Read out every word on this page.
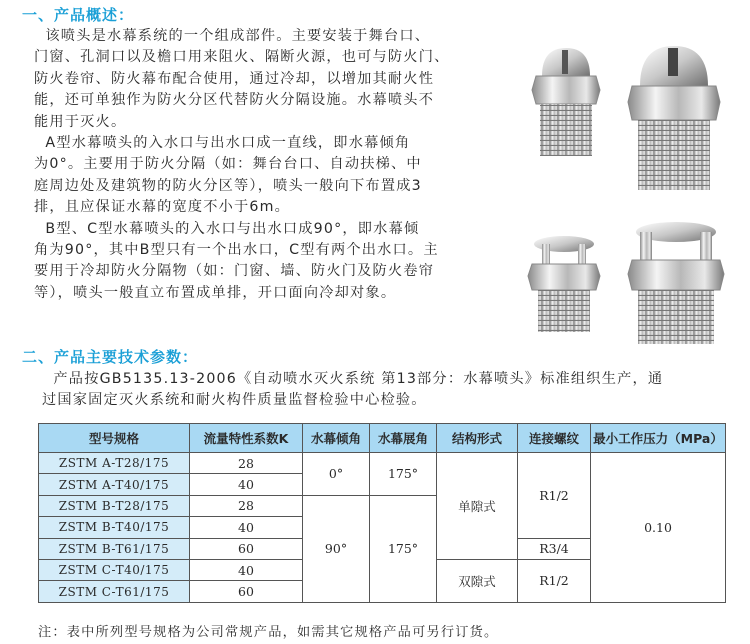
一、产品概述：
该喷头是水幕系统的一个组成部件。主要安装于舞台口、
门窗、孔洞口以及檐口用来阻火、隔断火源，也可与防火门、
防火卷帘、防火幕布配合使用，通过冷却，以增加其耐火性
能，还可单独作为防火分区代替防火分隔设施。水幕喷头不
能用于灭火。
A型水幕喷头的入水口与出水口成一直线，即水幕倾角
为0°。主要用于防火分隔（如：舞台台口、自动扶梯、中
庭周边处及建筑物的防火分区等），喷头一般向下布置成3
排，且应保证水幕的宽度不小于6m。
B型、C型水幕喷头的入水口与出水口成90°，即水幕倾
角为90°，其中B型只有一个出水口，C型有两个出水口。主
要用于冷却防火分隔物（如：门窗、墙、防火门及防火卷帘
等），喷头一般直立布置成单排，开口面向冷却对象。
二、产品主要技术参数：
产品按GB5135.13-2006《自动喷水灭火系统 第13部分：水幕喷头》标准组织生产，通
过国家固定灭火系统和耐火构件质量监督检验中心检验。
型号规格	流量特性系数K	水幕倾角	水幕展角	结构形式	连接螺纹	最小工作压力（MPa）
ZSTM A-T28/175	28	0°	175°	单隙式	R1/2	0.10
ZSTM A-T40/175	40					
ZSTM B-T28/175	28	90°	175°			
ZSTM B-T40/175	40					
ZSTM B-T61/175	60				R3/4	
ZSTM C-T40/175	40			双隙式	R1/2	
ZSTM C-T61/175	60					
注：表中所列型号规格为公司常规产品，如需其它规格产品可另行订货。
